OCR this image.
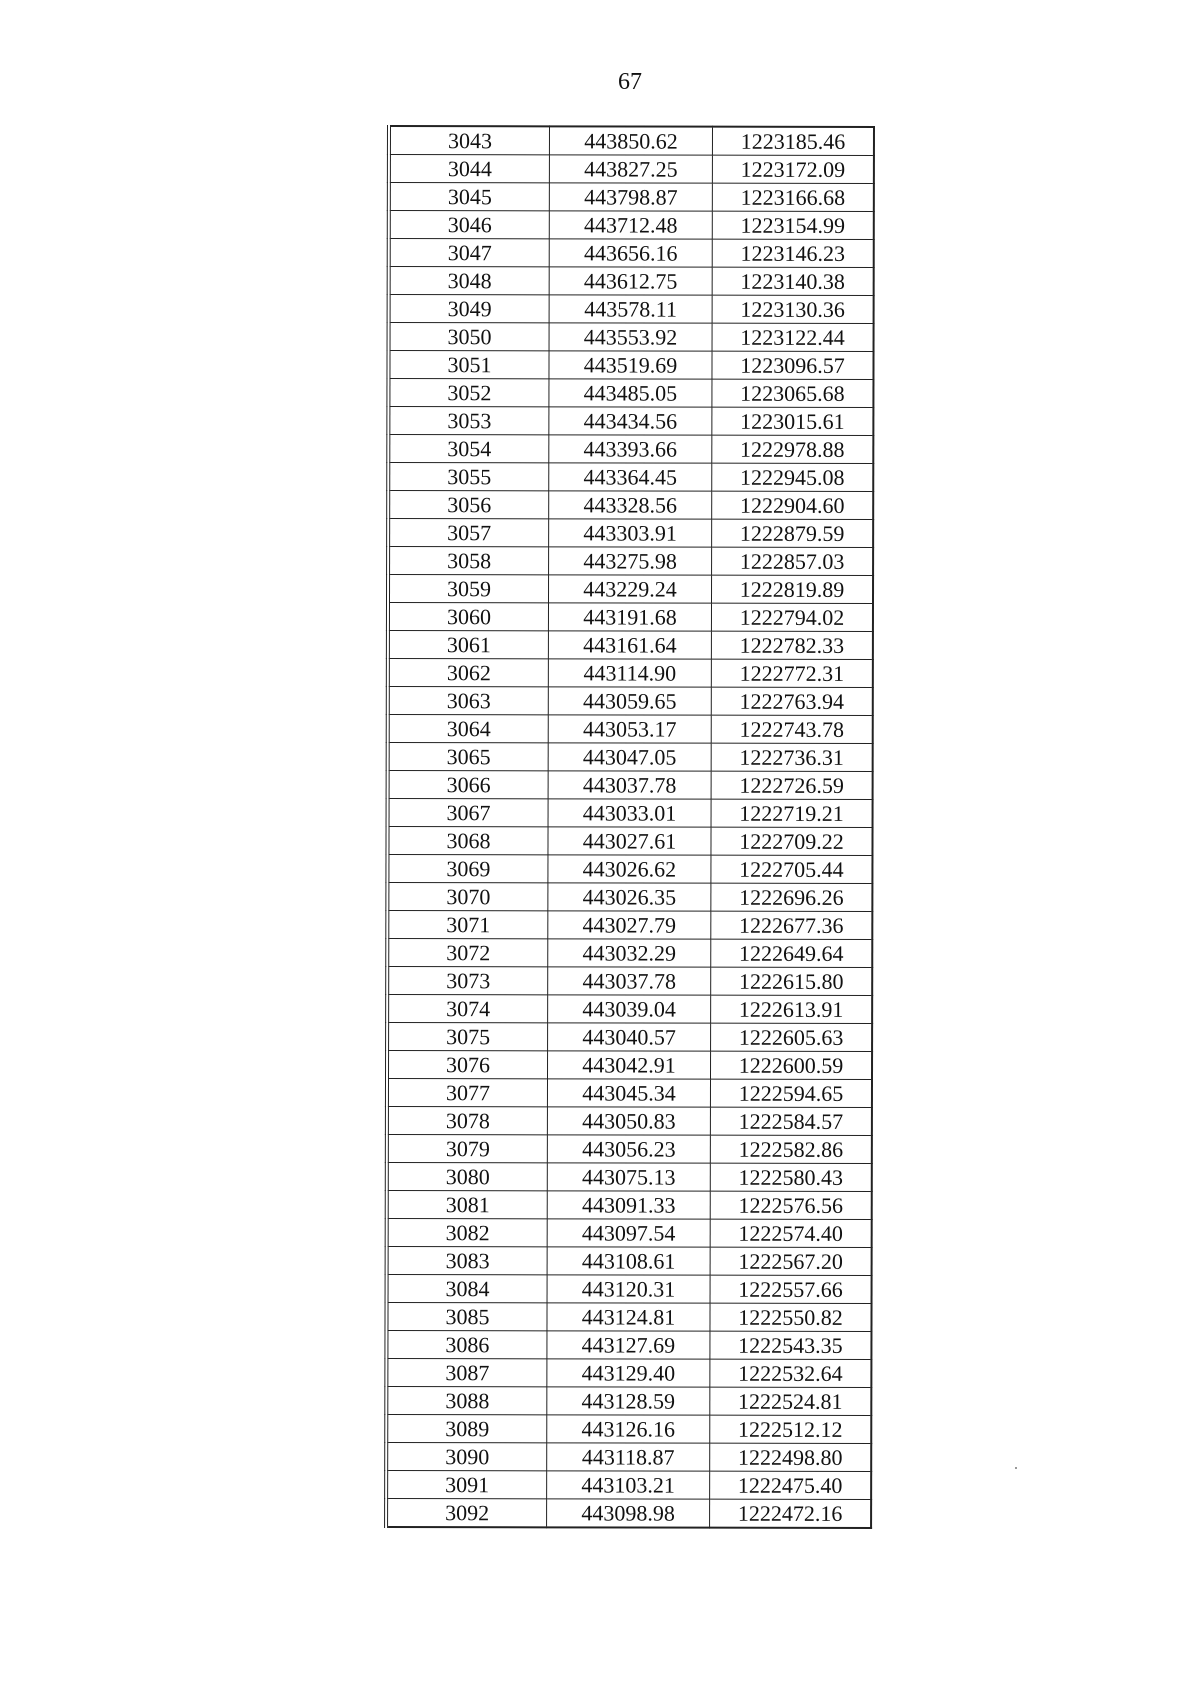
67
3043	443850.62	1223185.46
3044	443827.25	1223172.09
3045	443798.87	1223166.68
3046	443712.48	1223154.99
3047	443656.16	1223146.23
3048	443612.75	1223140.38
3049	443578.11	1223130.36
3050	443553.92	1223122.44
3051	443519.69	1223096.57
3052	443485.05	1223065.68
3053	443434.56	1223015.61
3054	443393.66	1222978.88
3055	443364.45	1222945.08
3056	443328.56	1222904.60
3057	443303.91	1222879.59
3058	443275.98	1222857.03
3059	443229.24	1222819.89
3060	443191.68	1222794.02
3061	443161.64	1222782.33
3062	443114.90	1222772.31
3063	443059.65	1222763.94
3064	443053.17	1222743.78
3065	443047.05	1222736.31
3066	443037.78	1222726.59
3067	443033.01	1222719.21
3068	443027.61	1222709.22
3069	443026.62	1222705.44
3070	443026.35	1222696.26
3071	443027.79	1222677.36
3072	443032.29	1222649.64
3073	443037.78	1222615.80
3074	443039.04	1222613.91
3075	443040.57	1222605.63
3076	443042.91	1222600.59
3077	443045.34	1222594.65
3078	443050.83	1222584.57
3079	443056.23	1222582.86
3080	443075.13	1222580.43
3081	443091.33	1222576.56
3082	443097.54	1222574.40
3083	443108.61	1222567.20
3084	443120.31	1222557.66
3085	443124.81	1222550.82
3086	443127.69	1222543.35
3087	443129.40	1222532.64
3088	443128.59	1222524.81
3089	443126.16	1222512.12
3090	443118.87	1222498.80
3091	443103.21	1222475.40
3092	443098.98	1222472.16
